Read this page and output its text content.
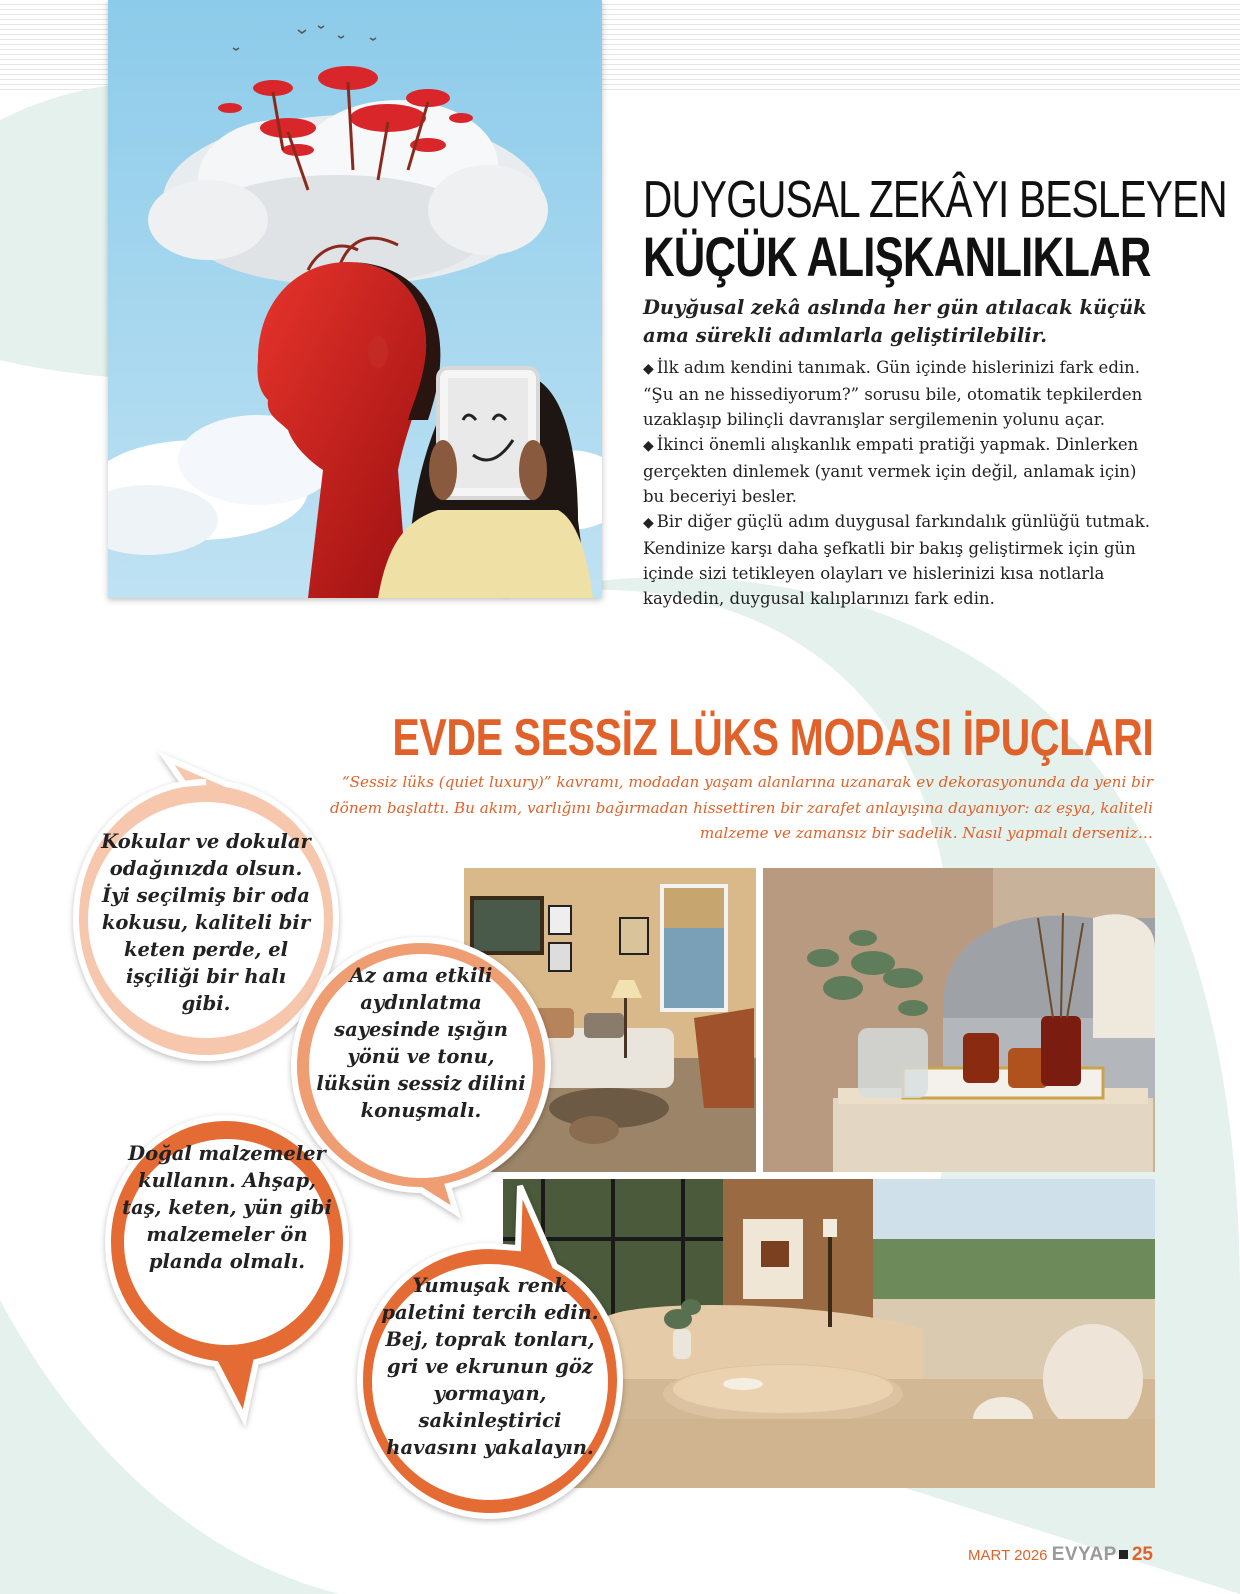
DUYGUSAL ZEKÂYI BESLEYEN
KÜÇÜK ALIŞKANLIKLAR

Duyğusal zekâ aslında her gün atılacak küçük ama sürekli adımlarla geliştirilebilir.

◆ İlk adım kendini tanımak. Gün içinde hislerinizi fark edin. “Şu an ne hissediyorum?” sorusu bile, otomatik tepkilerden uzaklaşıp bilinçli davranışlar sergilemenin yolunu açar.
◆ İkinci önemli alışkanlık empati pratiği yapmak. Dinlerken gerçekten dinlemek (yanıt vermek için değil, anlamak için) bu beceriyi besler.
◆ Bir diğer güçlü adım duygusal farkındalık günlüğü tutmak. Kendinize karşı daha şefkatli bir bakış geliştirmek için gün içinde sizi tetikleyen olayları ve hislerinizi kısa notlarla kaydedin, duygusal kalıplarınızı fark edin.
EVDE SESSİZ LÜKS MODASI İPUÇLARI

“Sessiz lüks (quiet luxury)” kavramı, modadan yaşam alanlarına uzanarak ev dekorasyonunda da yeni bir dönem başlattı. Bu akım, varlığını bağırmadan hissettiren bir zarafet anlayışına dayanıyor: az eşya, kaliteli malzeme ve zamansız bir sadelik. Nasıl yapmalı derseniz…

Kokular ve dokular odağınızda olsun. İyi seçilmiş bir oda kokusu, kaliteli bir keten perde, el işçiliği bir halı gibi.
Az ama etkili aydınlatma sayesinde ışığın yönü ve tonu, lüksün sessiz dilini konuşmalı.
Doğal malzemeler kullanın. Ahşap, taş, keten, yün gibi malzemeler ön planda olmalı.
Yumuşak renk paletini tercih edin. Bej, toprak tonları, gri ve ekrunun göz yormayan, sakinleştirici havasını yakalayın.
MART 2026 EVYAP 25
